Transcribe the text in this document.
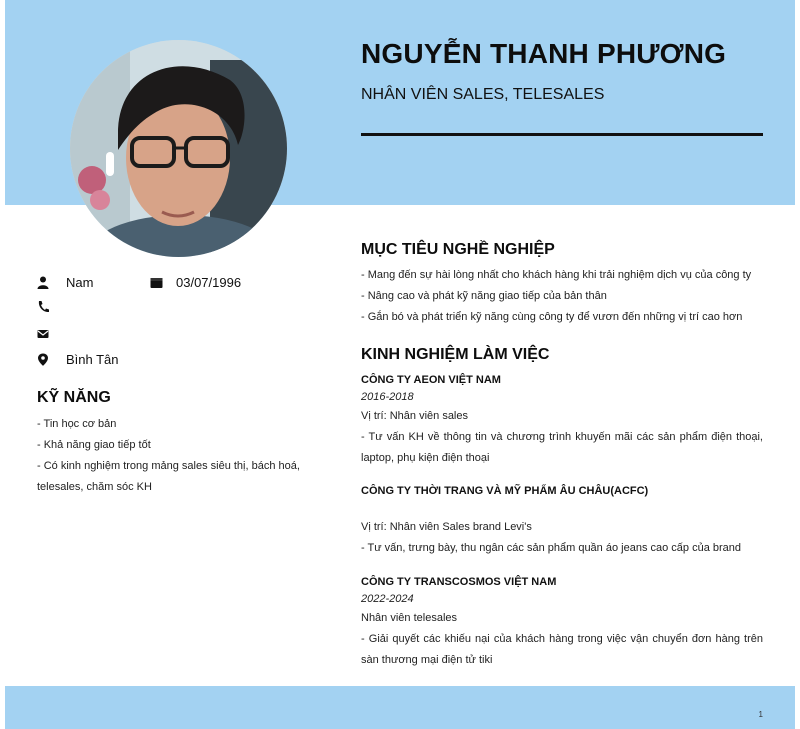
NGUYỄN THANH PHƯƠNG
NHÂN VIÊN SALES, TELESALES
Nam	03/07/1996
Bình Tân
KỸ NĂNG
- Tin học cơ bản
- Khả năng giao tiếp tốt
- Có kinh nghiệm trong mảng sales siêu thị, bách hoá, telesales, chăm sóc KH
MỤC TIÊU NGHỀ NGHIỆP
- Mang đến sự hài lòng nhất cho khách hàng khi trải nghiệm dịch vụ của công ty
- Nâng cao và phát kỹ năng giao tiếp của bản thân
- Gắn bó và phát triển kỹ năng cùng công ty để vươn đến những vị trí cao hơn
KINH NGHIỆM LÀM VIỆC
CÔNG TY AEON VIỆT NAM
2016-2018
Vị trí: Nhân viên sales
- Tư vấn KH về thông tin và chương trình khuyến mãi các sản phẩm điện thoại, laptop, phụ kiện điện thoại
CÔNG TY THỜI TRANG VÀ MỸ PHẨM ÂU CHÂU(ACFC)
Vị trí: Nhân viên Sales brand Levi's
- Tư vấn, trưng bày, thu ngân các sản phẩm quần áo jeans cao cấp của brand
CÔNG TY TRANSCOSMOS VIỆT NAM
2022-2024
Nhân viên telesales
- Giải quyết các khiếu nại của khách hàng trong việc vận chuyển đơn hàng trên sàn thương mại điện tử tiki
1
